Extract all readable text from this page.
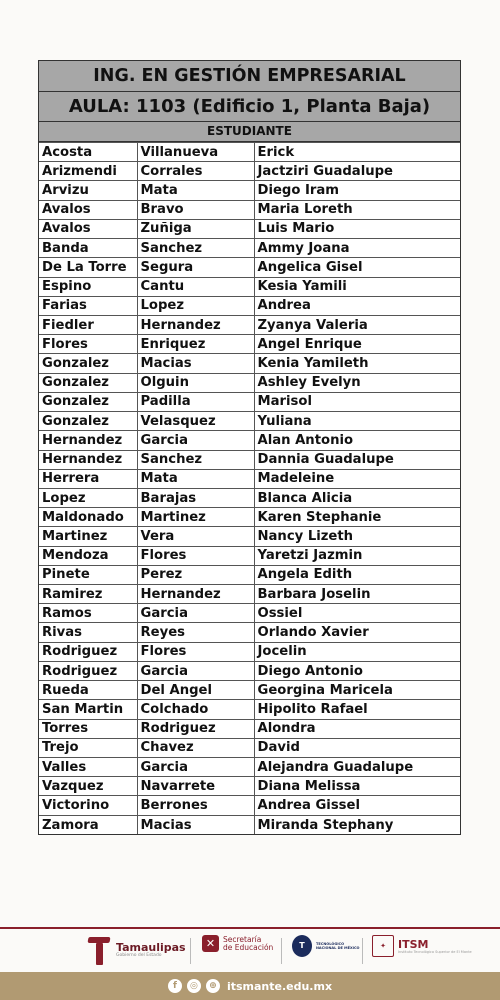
ING. EN GESTIÓN EMPRESARIAL
AULA: 1103 (Edificio 1, Planta Baja)
ESTUDIANTE
Acosta	Villanueva	Erick
Arizmendi	Corrales	Jactziri Guadalupe
Arvizu	Mata	Diego Iram
Avalos	Bravo	Maria Loreth
Avalos	Zuñiga	Luis Mario
Banda	Sanchez	Ammy Joana
De La Torre	Segura	Angelica Gisel
Espino	Cantu	Kesia Yamili
Farias	Lopez	Andrea
Fiedler	Hernandez	Zyanya Valeria
Flores	Enriquez	Angel Enrique
Gonzalez	Macias	Kenia Yamileth
Gonzalez	Olguin	Ashley Evelyn
Gonzalez	Padilla	Marisol
Gonzalez	Velasquez	Yuliana
Hernandez	Garcia	Alan Antonio
Hernandez	Sanchez	Dannia Guadalupe
Herrera	Mata	Madeleine
Lopez	Barajas	Blanca Alicia
Maldonado	Martinez	Karen Stephanie
Martinez	Vera	Nancy Lizeth
Mendoza	Flores	Yaretzi Jazmin
Pinete	Perez	Angela Edith
Ramirez	Hernandez	Barbara Joselin
Ramos	Garcia	Ossiel
Rivas	Reyes	Orlando Xavier
Rodriguez	Flores	Jocelin
Rodriguez	Garcia	Diego Antonio
Rueda	Del Angel	Georgina Maricela
San Martin	Colchado	Hipolito Rafael
Torres	Rodriguez	Alondra
Trejo	Chavez	David
Valles	Garcia	Alejandra Guadalupe
Vazquez	Navarrete	Diana Melissa
Victorino	Berrones	Andrea Gissel
Zamora	Macias	Miranda Stephany
Tamaulipas
Gobierno del Estado
✕	Secretaría
de Educación	T	TECNOLÓGICO
NACIONAL DE MÉXICO	✦	ITSM
Instituto Tecnológico Superior de El Mante
f	◎	⊕ itsmante.edu.mx
